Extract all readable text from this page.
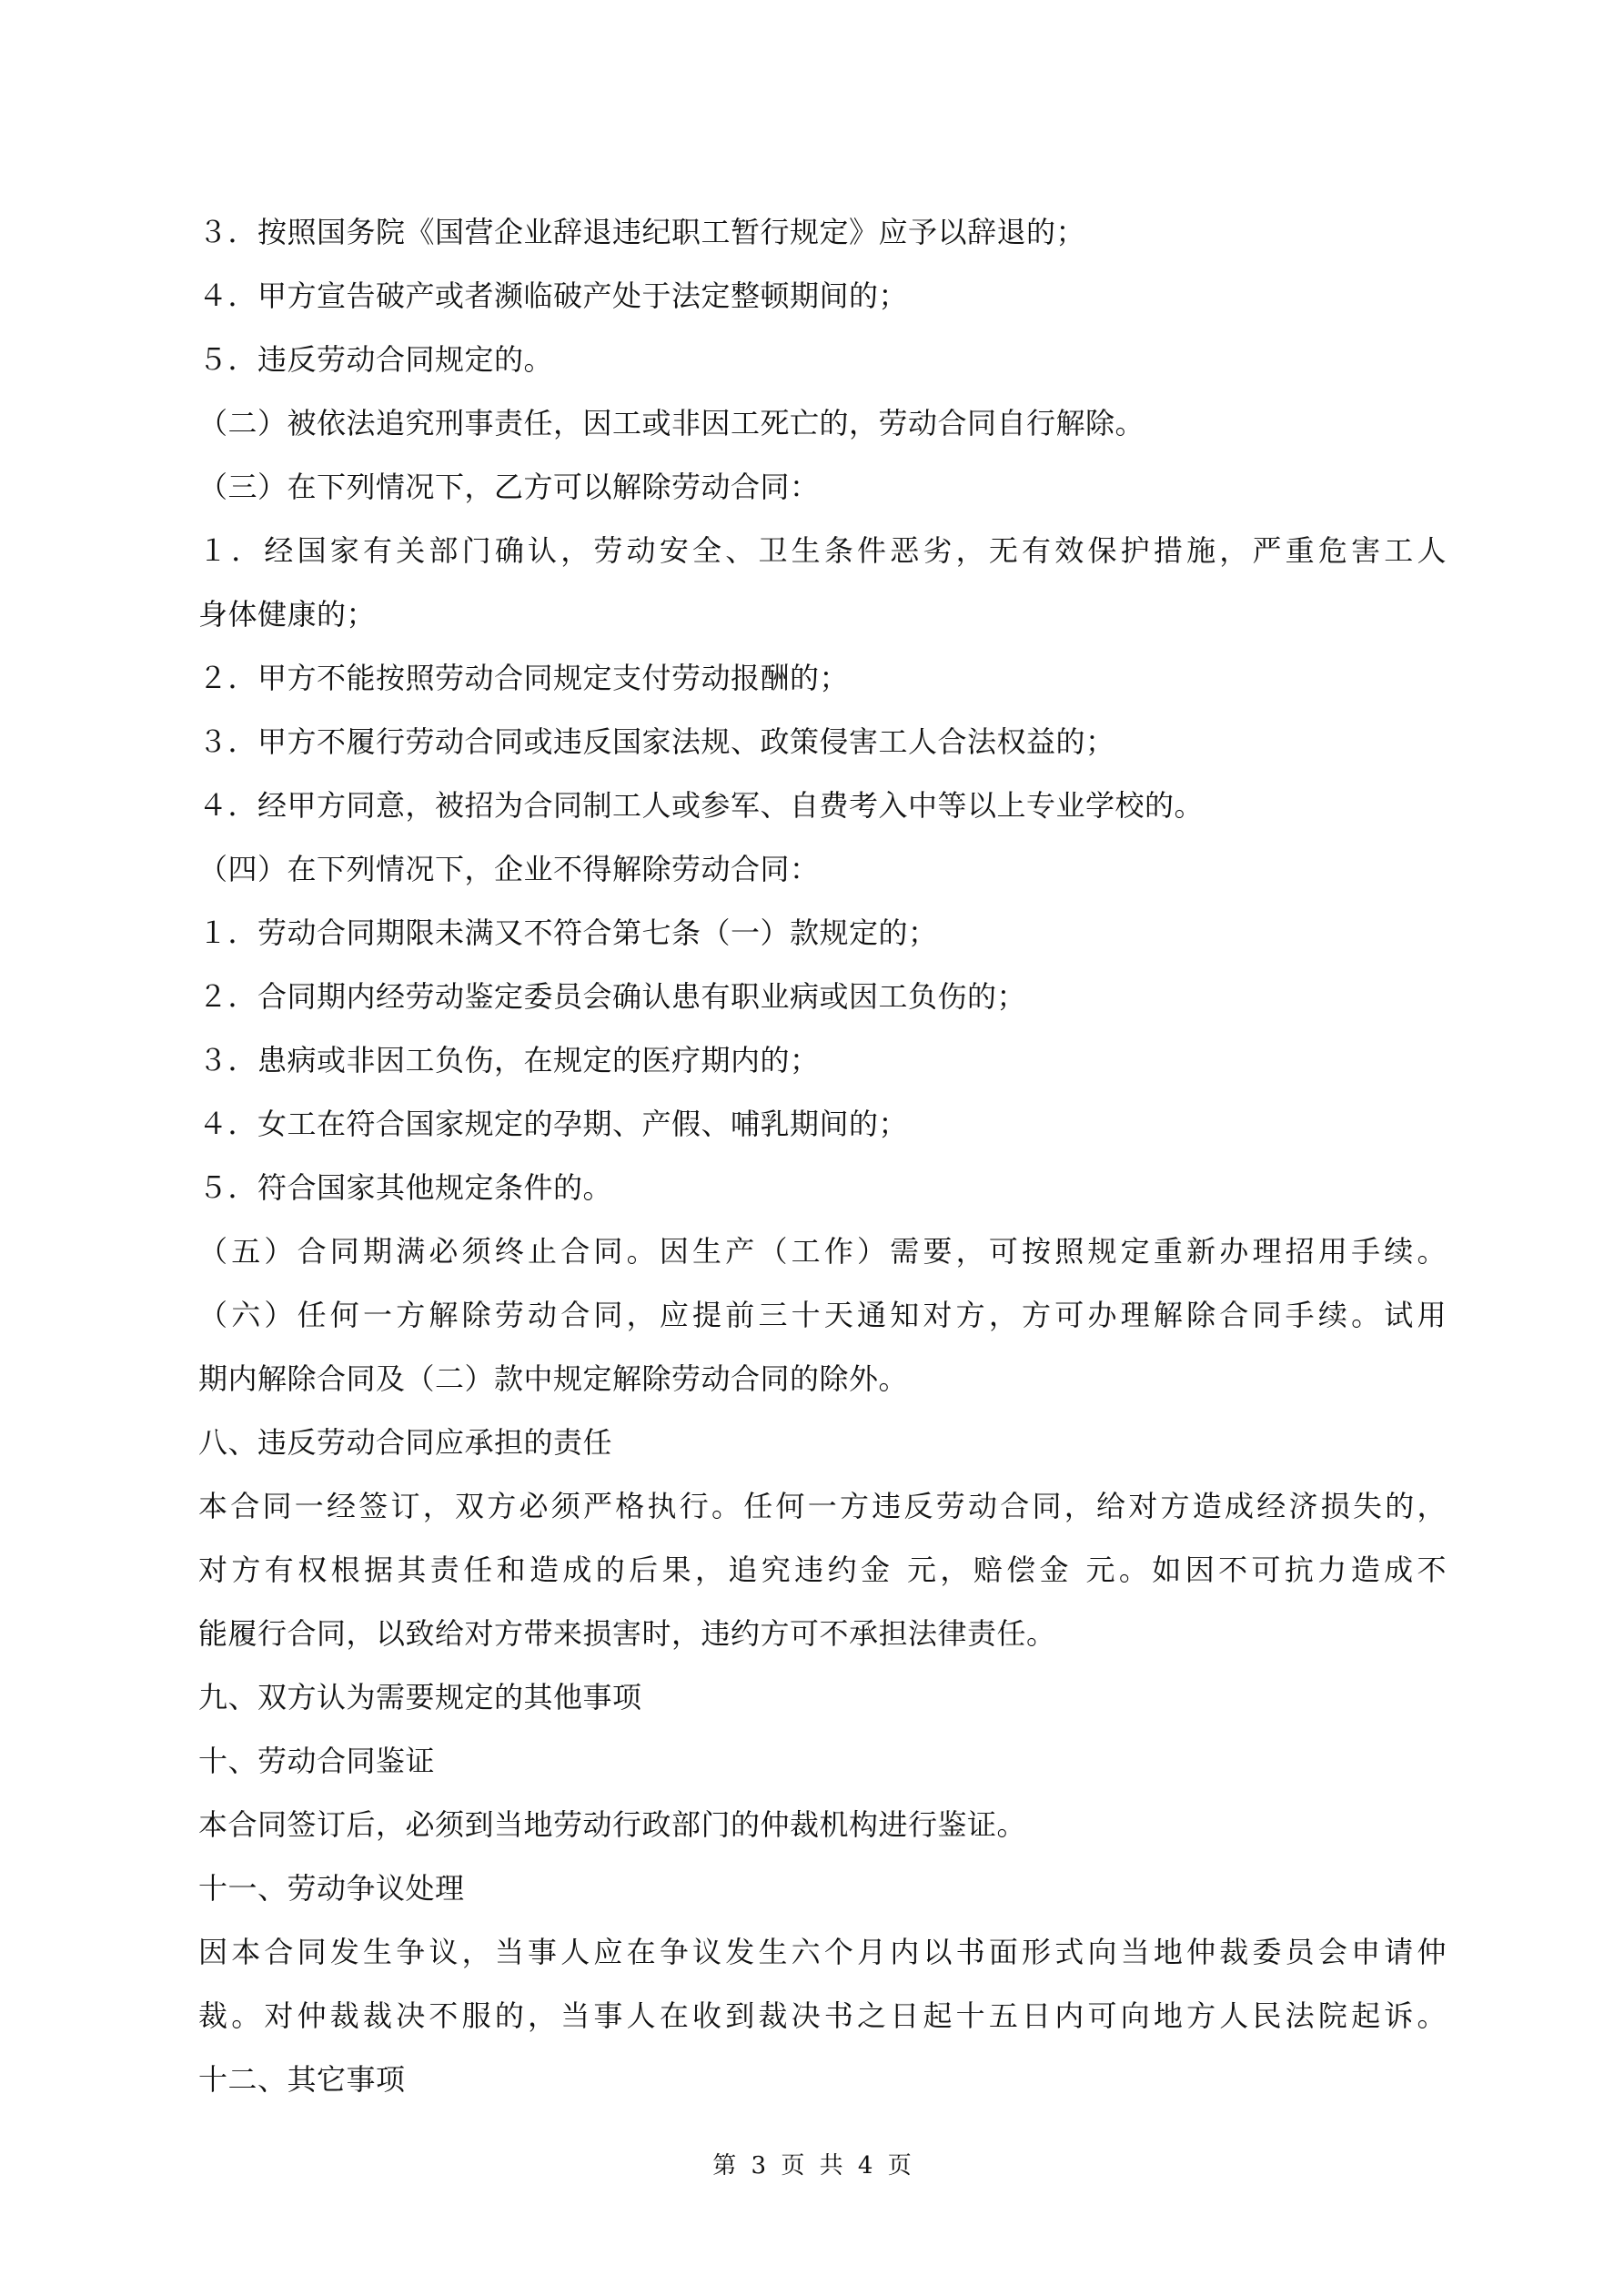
３．按照国务院《国营企业辞退违纪职工暂行规定》应予以辞退的；
４．甲方宣告破产或者濒临破产处于法定整顿期间的；
５．违反劳动合同规定的。
（二）被依法追究刑事责任，因工或非因工死亡的，劳动合同自行解除。
（三）在下列情况下，乙方可以解除劳动合同：
１．经国家有关部门确认，劳动安全、卫生条件恶劣，无有效保护措施，严重危害工人
身体健康的；
２．甲方不能按照劳动合同规定支付劳动报酬的；
３．甲方不履行劳动合同或违反国家法规、政策侵害工人合法权益的；
４．经甲方同意，被招为合同制工人或参军、自费考入中等以上专业学校的。
（四）在下列情况下，企业不得解除劳动合同：
１．劳动合同期限未满又不符合第七条（一）款规定的；
２．合同期内经劳动鉴定委员会确认患有职业病或因工负伤的；
３．患病或非因工负伤，在规定的医疗期内的；
４．女工在符合国家规定的孕期、产假、哺乳期间的；
５．符合国家其他规定条件的。
（五）合同期满必须终止合同。因生产（工作）需要，可按照规定重新办理招用手续。
（六）任何一方解除劳动合同，应提前三十天通知对方，方可办理解除合同手续。试用
期内解除合同及（二）款中规定解除劳动合同的除外。
八、违反劳动合同应承担的责任
本合同一经签订，双方必须严格执行。任何一方违反劳动合同，给对方造成经济损失的，
对方有权根据其责任和造成的后果，追究违约金 元，赔偿金 元。如因不可抗力造成不
能履行合同，以致给对方带来损害时，违约方可不承担法律责任。
九、双方认为需要规定的其他事项
十、劳动合同鉴证
本合同签订后，必须到当地劳动行政部门的仲裁机构进行鉴证。
十一、劳动争议处理
因本合同发生争议，当事人应在争议发生六个月内以书面形式向当地仲裁委员会申请仲
裁。对仲裁裁决不服的，当事人在收到裁决书之日起十五日内可向地方人民法院起诉。
十二、其它事项
第 3 页 共 4 页
